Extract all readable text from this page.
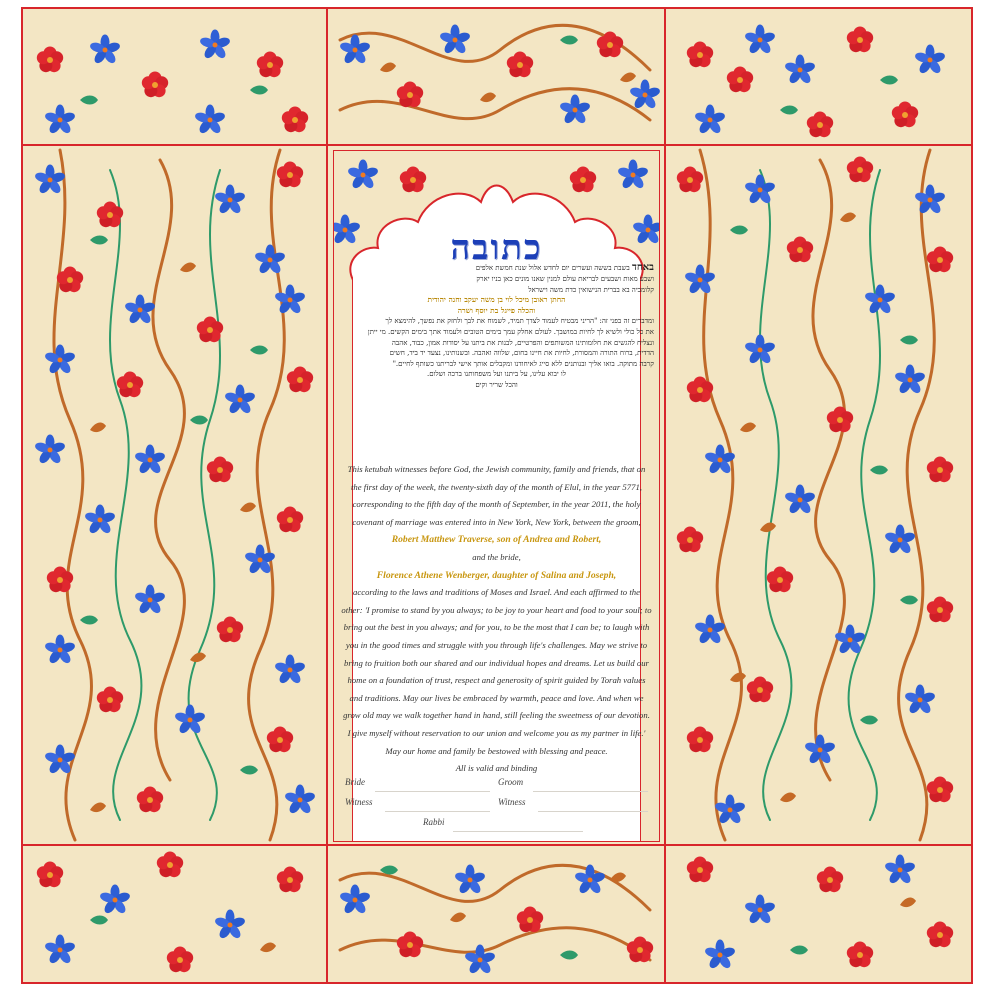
כתובה	באחד בשבת בששה ועשרים יום לחדש אלול שנת חמשת אלפים

ושבע מאות ושבעים לבריאת עולם למנין שאנו מונים כאן בניו יארק

קלומביה בא בברית הנישואין כדת משה וישראל

החתן ראובן מיכל לוי בן משה יעקב וחנה יהודית

והכלה פייגל בת יוסף ושרה

ומדברים זה בפני זה: "הריני מבטיח לעמוד לצדך תמיד, לשמוח את לבך ולחזק את נפשך, להימצא לך

את כל כולי ולשיא לך לחיות במושבך. לעולם אחלק עמך בימים הטובים ולעמוד אתך בימים הקשים. מי ייתן

ונצליח להגשים את חלומותינו המשותפים והפרטיים, לבנות את ביתנו על יסודות אמון, כבוד, אהבה

הדדית, ברוח התורה והמסורת, לחיות את חיינו בחום, שלווה ואהבה. ובשנותינו, נצעד יד ביד, חשים

קרבה מתוקה. בואו אליך ובנותנים ללא סייג לאיחודנו ומקבלים אותך אישי לבריתנו כשותף לחיים."

לו יבוא עלינו, על ביתנו ועל משפחותנו ברכה ושלום.

והכל שריר וקים

This ketubah witnesses before God, the Jewish community, family and friends, that on

the first day of the week, the twenty-sixth day of the month of Elul, in the year 5771,

corresponding to the fifth day of the month of September, in the year 2011, the holy

covenant of marriage was entered into in New York, New York, between the groom,

Robert Matthew Traverse, son of Andrea and Robert,

and the bride,

Florence Athene Wenberger, daughter of Salina and Joseph,

according to the laws and traditions of Moses and Israel. And each affirmed to the

other: 'I promise to stand by you always; to be joy to your heart and food to your soul; to

bring out the best in you always; and for you, to be the most that I can be; to laugh with

you in the good times and struggle with you through life's challenges. May we strive to

bring to fruition both our shared and our individual hopes and dreams. Let us build our

home on a foundation of trust, respect and generosity of spirit guided by Torah values

and traditions. May our lives be embraced by warmth, peace and love. And when we

grow old may we walk together hand in hand, still feeling the sweetness of our devotion.

I give myself without reservation to our union and welcome you as my partner in life.'

May our home and family be bestowed with blessing and peace.

All is valid and binding

Bride	Groom
Witness	Witness
Rabbi
